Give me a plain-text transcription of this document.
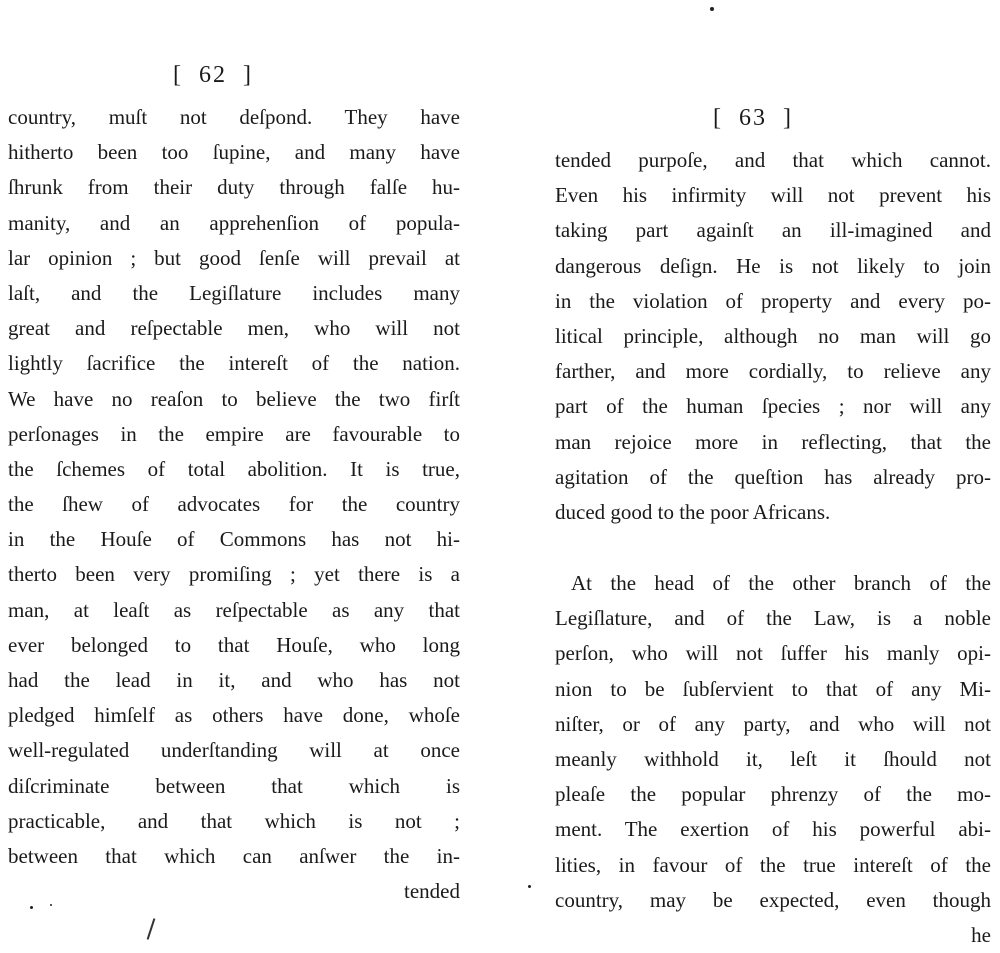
[  62  ]
country, muſt not deſpond. They have
hitherto been too ſupine, and many have
ſhrunk from their duty through falſe hu-
manity, and an apprehenſion of popula-
lar opinion ; but good ſenſe will prevail at
laſt, and the Legiſlature includes many
great and reſpectable men, who will not
lightly ſacrifice the intereſt of the nation.
We have no reaſon to believe the two firſt
perſonages in the empire are favourable to
the ſchemes of total abolition. It is true,
the ſhew of advocates for the country
in the Houſe of Commons has not hi-
therto been very promiſing ; yet there is a
man, at leaſt as reſpectable as any that
ever belonged to that Houſe, who long
had the lead in it, and who has not
pledged himſelf as others have done, whoſe
well-regulated underſtanding will at once
diſcriminate between that which is
practicable, and that which is not ;
between that which can anſwer the in-
tended
[  63  ]
tended purpoſe, and that which cannot.
Even his infirmity will not prevent his
taking part againſt an ill-imagined and
dangerous deſign. He is not likely to join
in the violation of property and every po-
litical principle, although no man will go
farther, and more cordially, to relieve any
part of the human ſpecies ; nor will any
man rejoice more in reflecting, that the
agitation of the queſtion has already pro-
duced good to the poor Africans.
At the head of the other branch of the
Legiſlature, and of the Law, is a noble
perſon, who will not ſuffer his manly opi-
nion to be ſubſervient to that of any Mi-
niſter, or of any party, and who will not
meanly withhold it, leſt it ſhould not
pleaſe the popular phrenzy of the mo-
ment. The exertion of his powerful abi-
lities, in favour of the true intereſt of the
country, may be expected, even though
he
